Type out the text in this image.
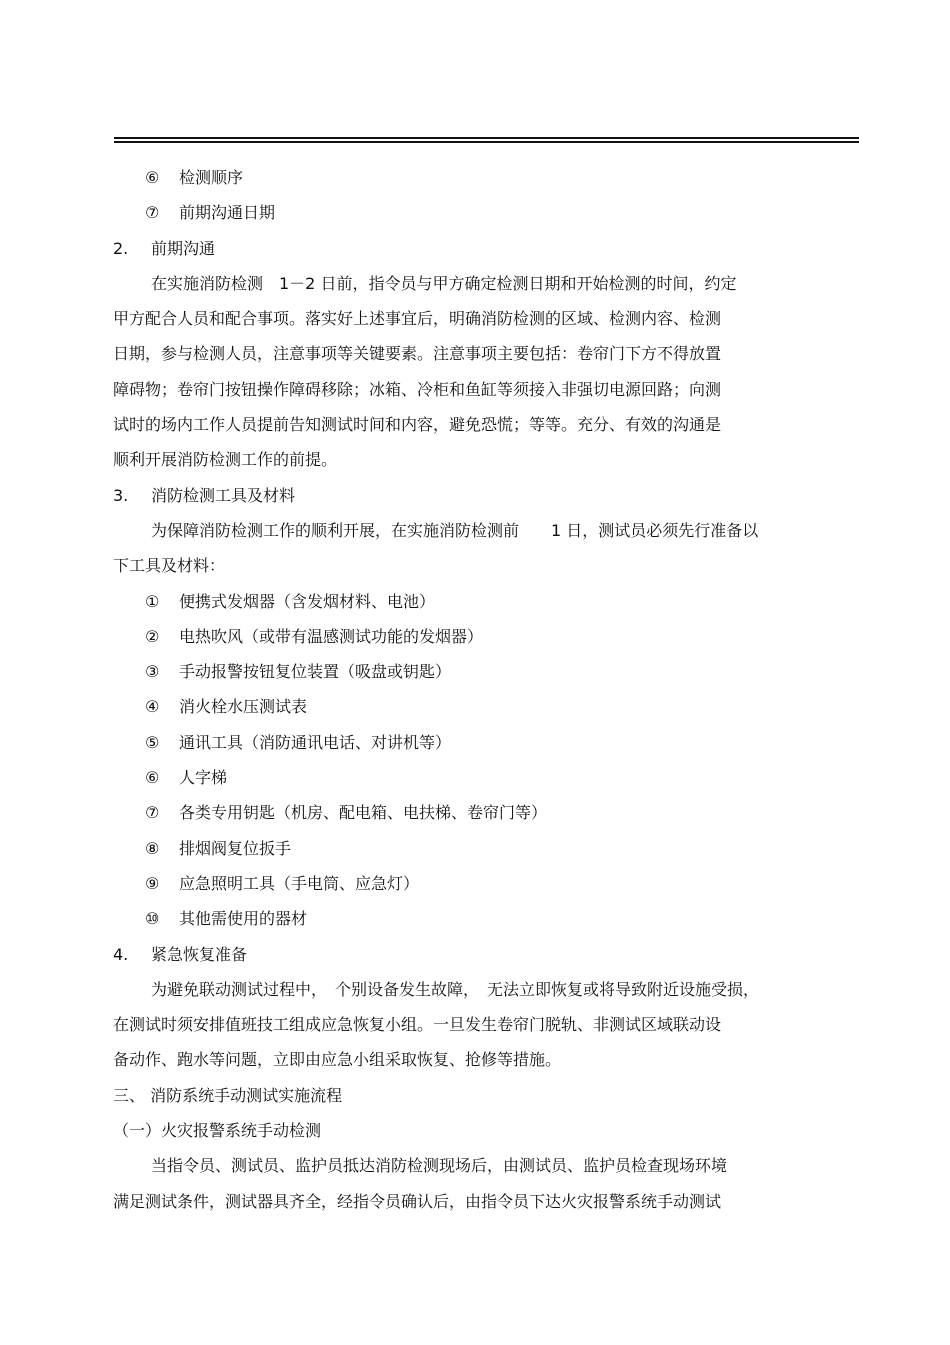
⑥ 检测顺序
⑦ 前期沟通日期
2. 前期沟通
在实施消防检测　1－2 日前，指令员与甲方确定检测日期和开始检测的时间，约定
甲方配合人员和配合事项。落实好上述事宜后，明确消防检测的区域、检测内容、检测
日期，参与检测人员，注意事项等关键要素。注意事项主要包括：卷帘门下方不得放置
障碍物；卷帘门按钮操作障碍移除；冰箱、冷柜和鱼缸等须接入非强切电源回路；向测
试时的场内工作人员提前告知测试时间和内容，避免恐慌；等等。充分、有效的沟通是
顺利开展消防检测工作的前提。
3. 消防检测工具及材料
为保障消防检测工作的顺利开展，在实施消防检测前　　1 日，测试员必须先行准备以
下工具及材料：
① 便携式发烟器（含发烟材料、电池）
② 电热吹风（或带有温感测试功能的发烟器）
③ 手动报警按钮复位装置（吸盘或钥匙）
④ 消火栓水压测试表
⑤ 通讯工具（消防通讯电话、对讲机等）
⑥ 人字梯
⑦ 各类专用钥匙（机房、配电箱、电扶梯、卷帘门等）
⑧ 排烟阀复位扳手
⑨ 应急照明工具（手电筒、应急灯）
⑩ 其他需使用的器材
4. 紧急恢复准备
为避免联动测试过程中，　个别设备发生故障，　无法立即恢复或将导致附近设施受损，
在测试时须安排值班技工组成应急恢复小组。一旦发生卷帘门脱轨、非测试区域联动设
备动作、跑水等问题，立即由应急小组采取恢复、抢修等措施。
三、 消防系统手动测试实施流程
（一）火灾报警系统手动检测
当指令员、测试员、监护员抵达消防检测现场后，由测试员、监护员检查现场环境
满足测试条件，测试器具齐全，经指令员确认后，由指令员下达火灾报警系统手动测试
